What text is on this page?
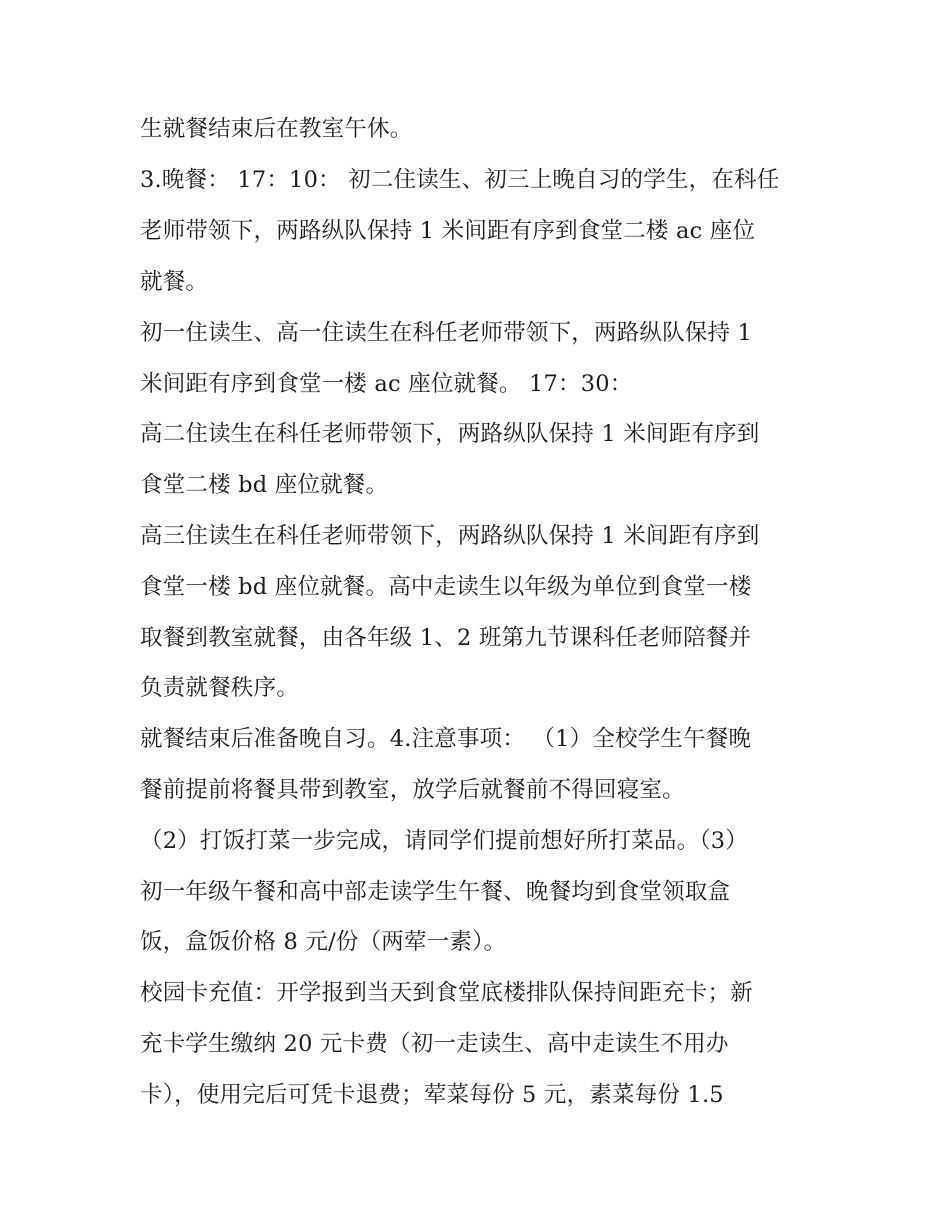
生就餐结束后在教室午休。
3.晚餐： 17：10： 初二住读生、初三上晚自习的学生，在科任
老师带领下，两路纵队保持 1 米间距有序到食堂二楼 ac 座位
就餐。
初一住读生、高一住读生在科任老师带领下，两路纵队保持 1
米间距有序到食堂一楼 ac 座位就餐。 17：30：
高二住读生在科任老师带领下，两路纵队保持 1 米间距有序到
食堂二楼 bd 座位就餐。
高三住读生在科任老师带领下，两路纵队保持 1 米间距有序到
食堂一楼 bd 座位就餐。高中走读生以年级为单位到食堂一楼
取餐到教室就餐，由各年级 1、2 班第九节课科任老师陪餐并
负责就餐秩序。
就餐结束后准备晚自习。4.注意事项： （1）全校学生午餐晚
餐前提前将餐具带到教室，放学后就餐前不得回寝室。
（2）打饭打菜一步完成，请同学们提前想好所打菜品。（3）
初一年级午餐和高中部走读学生午餐、晚餐均到食堂领取盒
饭，盒饭价格 8 元/份（两荤一素）。
校园卡充值：开学报到当天到食堂底楼排队保持间距充卡；新
充卡学生缴纳 20 元卡费（初一走读生、高中走读生不用办
卡），使用完后可凭卡退费；荤菜每份 5 元，素菜每份 1.5
